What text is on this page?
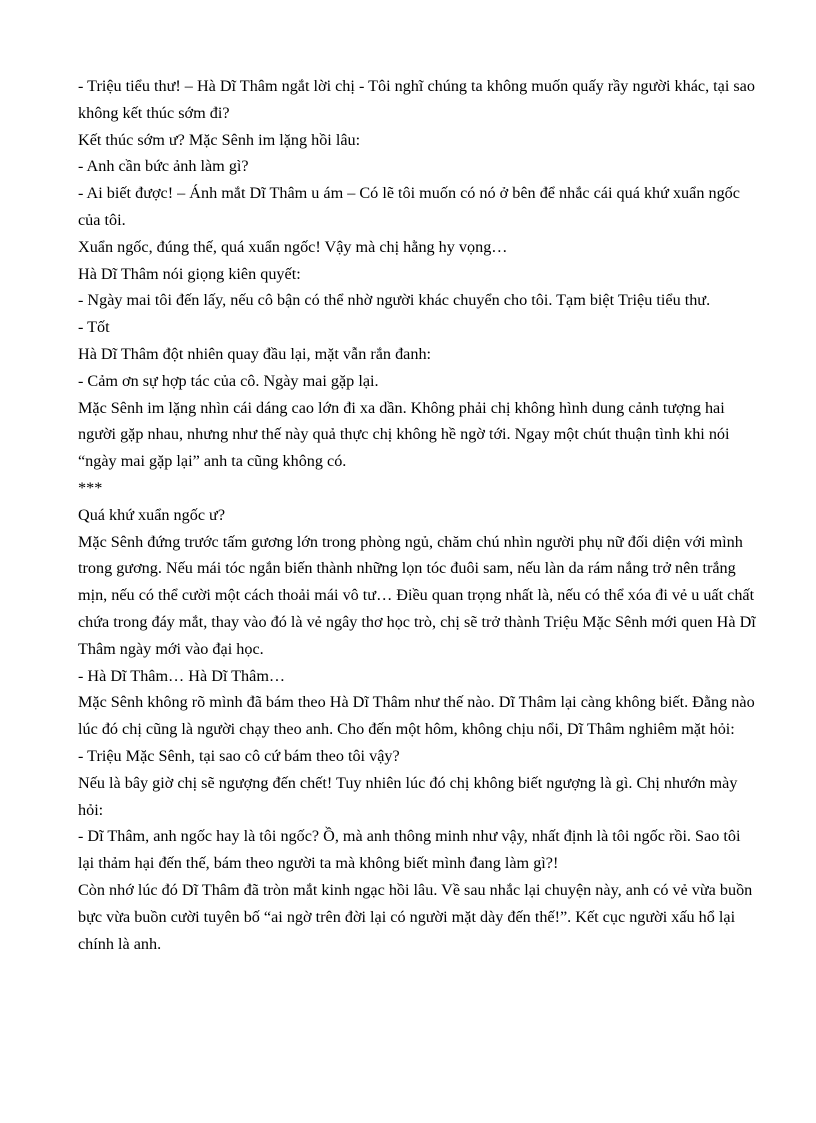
- Triệu tiểu thư! – Hà Dĩ Thâm ngắt lời chị - Tôi nghĩ chúng ta không muốn quấy rầy người khác, tại sao không kết thúc sớm đi?

Kết thúc sớm ư? Mặc Sênh im lặng hồi lâu:

- Anh cần bức ảnh làm gì?

- Ai biết được! – Ánh mắt Dĩ Thâm u ám – Có lẽ tôi muốn có nó ở bên để nhắc cái quá khứ xuẩn ngốc của tôi.

Xuẩn ngốc, đúng thế, quá xuẩn ngốc! Vậy mà chị hằng hy vọng…

Hà Dĩ Thâm nói giọng kiên quyết:

- Ngày mai tôi đến lấy, nếu cô bận có thể nhờ người khác chuyển cho tôi. Tạm biệt Triệu tiểu thư.

- Tốt

Hà Dĩ Thâm đột nhiên quay đầu lại, mặt vẫn rắn đanh:

- Cảm ơn sự hợp tác của cô. Ngày mai gặp lại.

Mặc Sênh im lặng nhìn cái dáng cao lớn đi xa dần. Không phải chị không hình dung cảnh tượng hai người gặp nhau, nhưng như thế này quả thực chị không hề ngờ tới. Ngay một chút thuận tình khi nói “ngày mai gặp lại” anh ta cũng không có.

***

Quá khứ xuẩn ngốc ư?

Mặc Sênh đứng trước tấm gương lớn trong phòng ngủ, chăm chú nhìn người phụ nữ đối diện với mình trong gương. Nếu mái tóc ngắn biến thành những lọn tóc đuôi sam, nếu làn da rám nắng trở nên trắng mịn, nếu có thể cười một cách thoải mái vô tư… Điều quan trọng nhất là, nếu có thể xóa đi vẻ u uất chất chứa trong đáy mắt, thay vào đó là vẻ ngây thơ học trò, chị sẽ trở thành Triệu Mặc Sênh mới quen Hà Dĩ Thâm ngày mới vào đại học.

- Hà Dĩ Thâm… Hà Dĩ Thâm…

Mặc Sênh không rõ mình đã bám theo Hà Dĩ Thâm như thế nào. Dĩ Thâm lại càng không biết. Đằng nào lúc đó chị cũng là người chạy theo anh. Cho đến một hôm, không chịu nổi, Dĩ Thâm nghiêm mặt hỏi:

- Triệu Mặc Sênh, tại sao cô cứ bám theo tôi vậy?

Nếu là bây giờ chị sẽ ngượng đến chết! Tuy nhiên lúc đó chị không biết ngượng là gì. Chị nhướn mày hỏi:

- Dĩ Thâm, anh ngốc hay là tôi ngốc? Ồ, mà anh thông minh như vậy, nhất định là tôi ngốc rồi. Sao tôi lại thảm hại đến thế, bám theo người ta mà không biết mình đang làm gì?!

Còn nhớ lúc đó Dĩ Thâm đã tròn mắt kinh ngạc hồi lâu. Về sau nhắc lại chuyện này, anh có vẻ vừa buồn bực vừa buồn cười tuyên bố “ai ngờ trên đời lại có người mặt dày đến thế!”. Kết cục người xấu hổ lại chính là anh.
